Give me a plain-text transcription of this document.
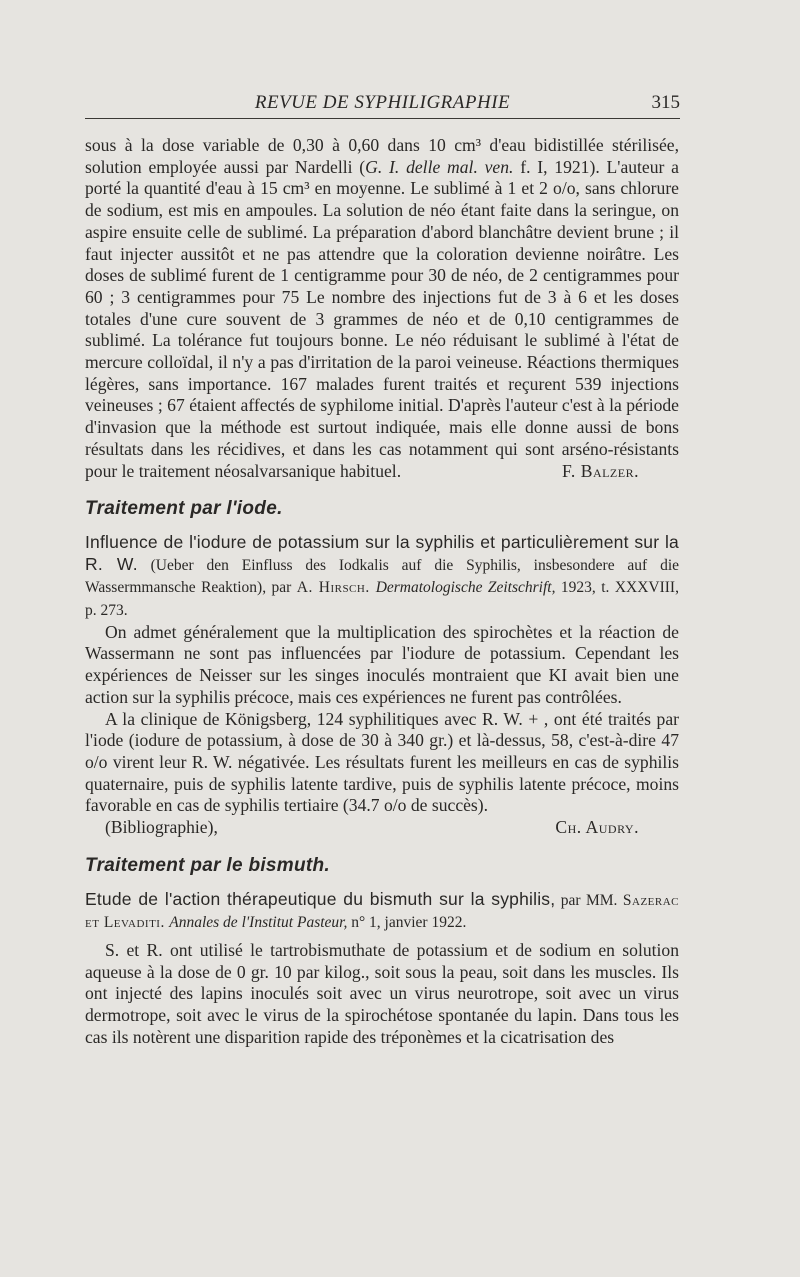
REVUE DE SYPHILIGRAPHIE	315

sous à la dose variable de 0,30 à 0,60 dans 10 cm³ d'eau bidistillée stérilisée, solution employée aussi par Nardelli (G. I. delle mal. ven. f. I, 1921). L'auteur a porté la quantité d'eau à 15 cm³ en moyenne. Le sublimé à 1 et 2 o/o, sans chlorure de sodium, est mis en ampoules. La solution de néo étant faite dans la seringue, on aspire ensuite celle de sublimé. La préparation d'abord blanchâtre devient brune ; il faut injecter aussitôt et ne pas attendre que la coloration devienne noirâtre. Les doses de sublimé furent de 1 centigramme pour 30 de néo, de 2 centigrammes pour 60 ; 3 centigrammes pour 75 Le nombre des injections fut de 3 à 6 et les doses totales d'une cure souvent de 3 grammes de néo et de 0,10 centigrammes de sublimé. La tolérance fut toujours bonne. Le néo réduisant le sublimé à l'état de mercure colloïdal, il n'y a pas d'irritation de la paroi veineuse. Réactions thermiques légères, sans importance. 167 malades furent traités et reçurent 539 injections veineuses ; 67 étaient affectés de syphilome initial. D'après l'auteur c'est à la période d'invasion que la méthode est surtout indiquée, mais elle donne aussi de bons résultats dans les récidives, et dans les cas notamment qui sont arséno-résistants pour le traitement néosalvarsanique habituel.	F. Balzer.

Traitement par l'iode.

Influence de l'iodure de potassium sur la syphilis et particulièrement sur la R. W. (Ueber den Einfluss des Iodkalis auf die Syphilis, insbesondere auf die Wassermmansche Reaktion), par A. Hirsch. Dermatologische Zeitschrift, 1923, t. XXXVIII, p. 273.

On admet généralement que la multiplication des spirochètes et la réaction de Wassermann ne sont pas influencées par l'iodure de potassium. Cependant les expériences de Neisser sur les singes inoculés montraient que KI avait bien une action sur la syphilis précoce, mais ces expériences ne furent pas contrôlées.

A la clinique de Königsberg, 124 syphilitiques avec R. W. + , ont été traités par l'iode (iodure de potassium, à dose de 30 à 340 gr.) et là-dessus, 58, c'est-à-dire 47 o/o virent leur R. W. négativée. Les résultats furent les meilleurs en cas de syphilis quaternaire, puis de syphilis latente tardive, puis de syphilis latente précoce, moins favorable en cas de syphilis tertiaire (34.7 o/o de succès).

(Bibliographie),	Ch. Audry.

Traitement par le bismuth.

Etude de l'action thérapeutique du bismuth sur la syphilis, par MM. Sazerac et Levaditi. Annales de l'Institut Pasteur, n° 1, janvier 1922.

S. et R. ont utilisé le tartrobismuthate de potassium et de sodium en solution aqueuse à la dose de 0 gr. 10 par kilog., soit sous la peau, soit dans les muscles. Ils ont injecté des lapins inoculés soit avec un virus neurotrope, soit avec un virus dermotrope, soit avec le virus de la spirochétose spontanée du lapin. Dans tous les cas ils notèrent une disparition rapide des tréponèmes et la cicatrisation des
